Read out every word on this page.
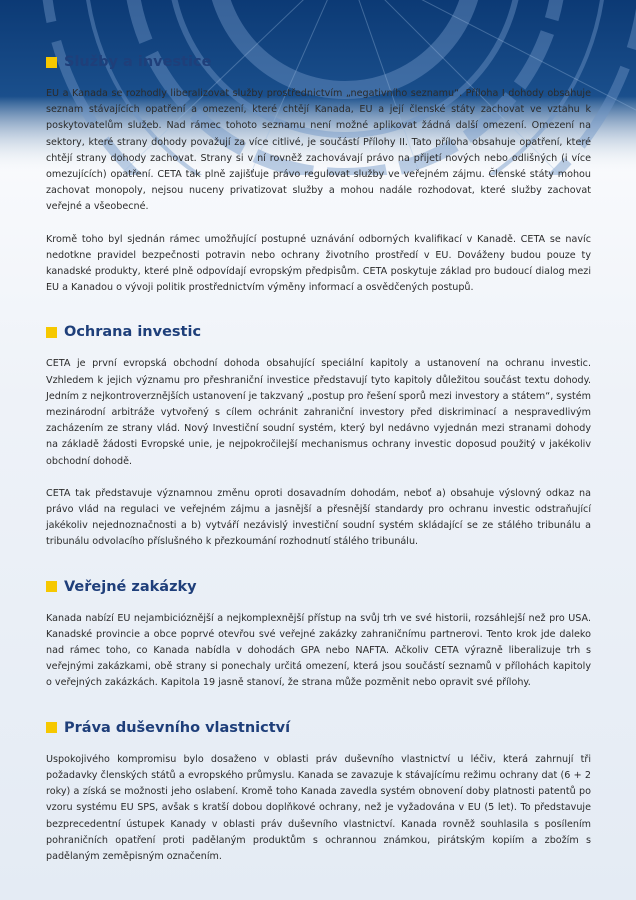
Služby a investice

EU a Kanada se rozhodly liberalizovat služby prostřednictvím „negativního seznamu“. Příloha I dohody obsahuje seznam stávajících opatření a omezení, které chtějí Kanada, EU a její členské státy zachovat ve vztahu k poskytovatelům služeb. Nad rámec tohoto seznamu není možné aplikovat žádná další omezení. Omezení na sektory, které strany dohody považují za více citlivé, je součástí Přílohy II. Tato příloha obsahuje opatření, které chtějí strany dohody zachovat. Strany si v ní rovněž zachovávají právo na přijetí nových nebo odlišných (i více omezujících) opatření. CETA tak plně zajišťuje právo regulovat služby ve veřejném zájmu. Členské státy mohou zachovat monopoly, nejsou nuceny privatizovat služby a mohou nadále rozhodovat, které služby zachovat veřejné a všeobecné.

Kromě toho byl sjednán rámec umožňující postupné uznávání odborných kvalifikací v Kanadě. CETA se navíc nedotkne pravidel bezpečnosti potravin nebo ochrany životního prostředí v EU. Dováženy budou pouze ty kanadské produkty, které plně odpovídají evropským předpisům. CETA poskytuje základ pro budoucí dialog mezi EU a Kanadou o vývoji politik prostřednictvím výměny informací a osvědčených postupů.

Ochrana investic

CETA je první evropská obchodní dohoda obsahující speciální kapitoly a ustanovení na ochranu investic. Vzhledem k jejich významu pro přeshraniční investice představují tyto kapitoly důležitou součást textu dohody. Jedním z nejkontroverznějších ustanovení je takzvaný „postup pro řešení sporů mezi investory a státem“, systém mezinárodní arbitráže vytvořený s cílem ochránit zahraniční investory před diskriminací a nespravedlivým zacházením ze strany vlád. Nový Investiční soudní systém, který byl nedávno vyjednán mezi stranami dohody na základě žádosti Evropské unie, je nejpokročilejší mechanismus ochrany investic doposud použitý v jakékoliv obchodní dohodě.

CETA tak představuje významnou změnu oproti dosavadním dohodám, neboť a) obsahuje výslovný odkaz na právo vlád na regulaci ve veřejném zájmu a jasnější a přesnější standardy pro ochranu investic odstraňující jakékoliv nejednoznačnosti a b) vytváří nezávislý investiční soudní systém skládající se ze stálého tribunálu a tribunálu odvolacího příslušného k přezkoumání rozhodnutí stálého tribunálu.

Veřejné zakázky

Kanada nabízí EU nejambicióznější a nejkomplexnější přístup na svůj trh ve své historii, rozsáhlejší než pro USA. Kanadské provincie a obce poprvé otevřou své veřejné zakázky zahraničnímu partnerovi. Tento krok jde daleko nad rámec toho, co Kanada nabídla v dohodách GPA nebo NAFTA. Ačkoliv CETA výrazně liberalizuje trh s veřejnými zakázkami, obě strany si ponechaly určitá omezení, která jsou součástí seznamů v přílohách kapitoly o veřejných zakázkách. Kapitola 19 jasně stanoví, že strana může pozměnit nebo opravit své přílohy.

Práva duševního vlastnictví

Uspokojivého kompromisu bylo dosaženo v oblasti práv duševního vlastnictví u léčiv, která zahrnují tři požadavky členských států a evropského průmyslu. Kanada se zavazuje k stávajícímu režimu ochrany dat (6 + 2 roky) a získá se možnosti jeho oslabení. Kromě toho Kanada zavedla systém obnovení doby platnosti patentů po vzoru systému EU SPS, avšak s kratší dobou doplňkové ochrany, než je vyžadována v EU (5 let). To představuje bezprecedentní ústupek Kanady v oblasti práv duševního vlastnictví. Kanada rovněž souhlasila s posílením pohraničních opatření proti padělaným produktům s ochrannou známkou, pirátským kopiím a zbožím s padělaným zeměpisným označením.
